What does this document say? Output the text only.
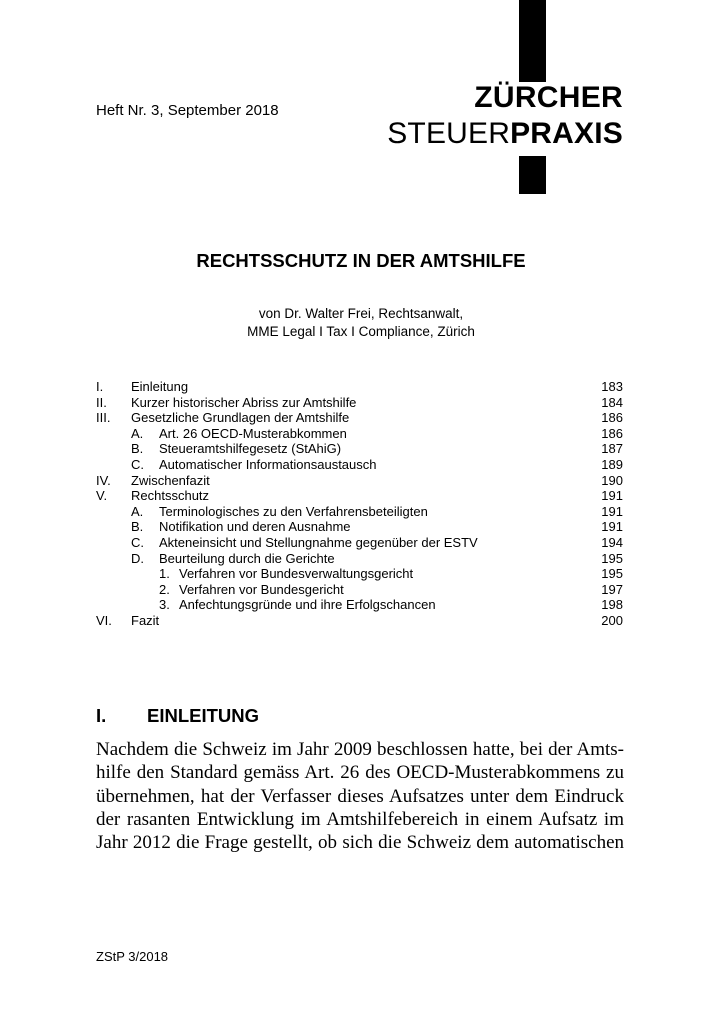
Heft Nr. 3, September 2018	ZÜRCHER
STEUERPRAXIS
RECHTSSCHUTZ IN DER AMTSHILFE
von Dr. Walter Frei, Rechtsanwalt,
MME Legal I Tax I Compliance, Zürich
I. Einleitung	183
II. Kurzer historischer Abriss zur Amtshilfe	184
III. Gesetzliche Grundlagen der Amtshilfe	186
A. Art. 26 OECD-Musterabkommen	186
B. Steueramtshilfegesetz (StAhiG)	187
C. Automatischer Informationsaustausch	189
IV. Zwischenfazit	190
V. Rechtsschutz	191
A. Terminologisches zu den Verfahrensbeteiligten	191
B. Notifikation und deren Ausnahme	191
C. Akteneinsicht und Stellungnahme gegenüber der ESTV	194
D. Beurteilung durch die Gerichte	195
1. Verfahren vor Bundesverwaltungsgericht	195
2. Verfahren vor Bundesgericht	197
3. Anfechtungsgründe und ihre Erfolgschancen	198
VI. Fazit	200
I. EINLEITUNG
Nachdem die Schweiz im Jahr 2009 beschlossen hatte, bei der Amts-
hilfe den Standard gemäss Art. 26 des OECD-Musterabkommens zu
übernehmen, hat der Verfasser dieses Aufsatzes unter dem Eindruck
der rasanten Entwicklung im Amtshilfebereich in einem Aufsatz im
Jahr 2012 die Frage gestellt, ob sich die Schweiz dem automatischen
ZStP 3/2018
